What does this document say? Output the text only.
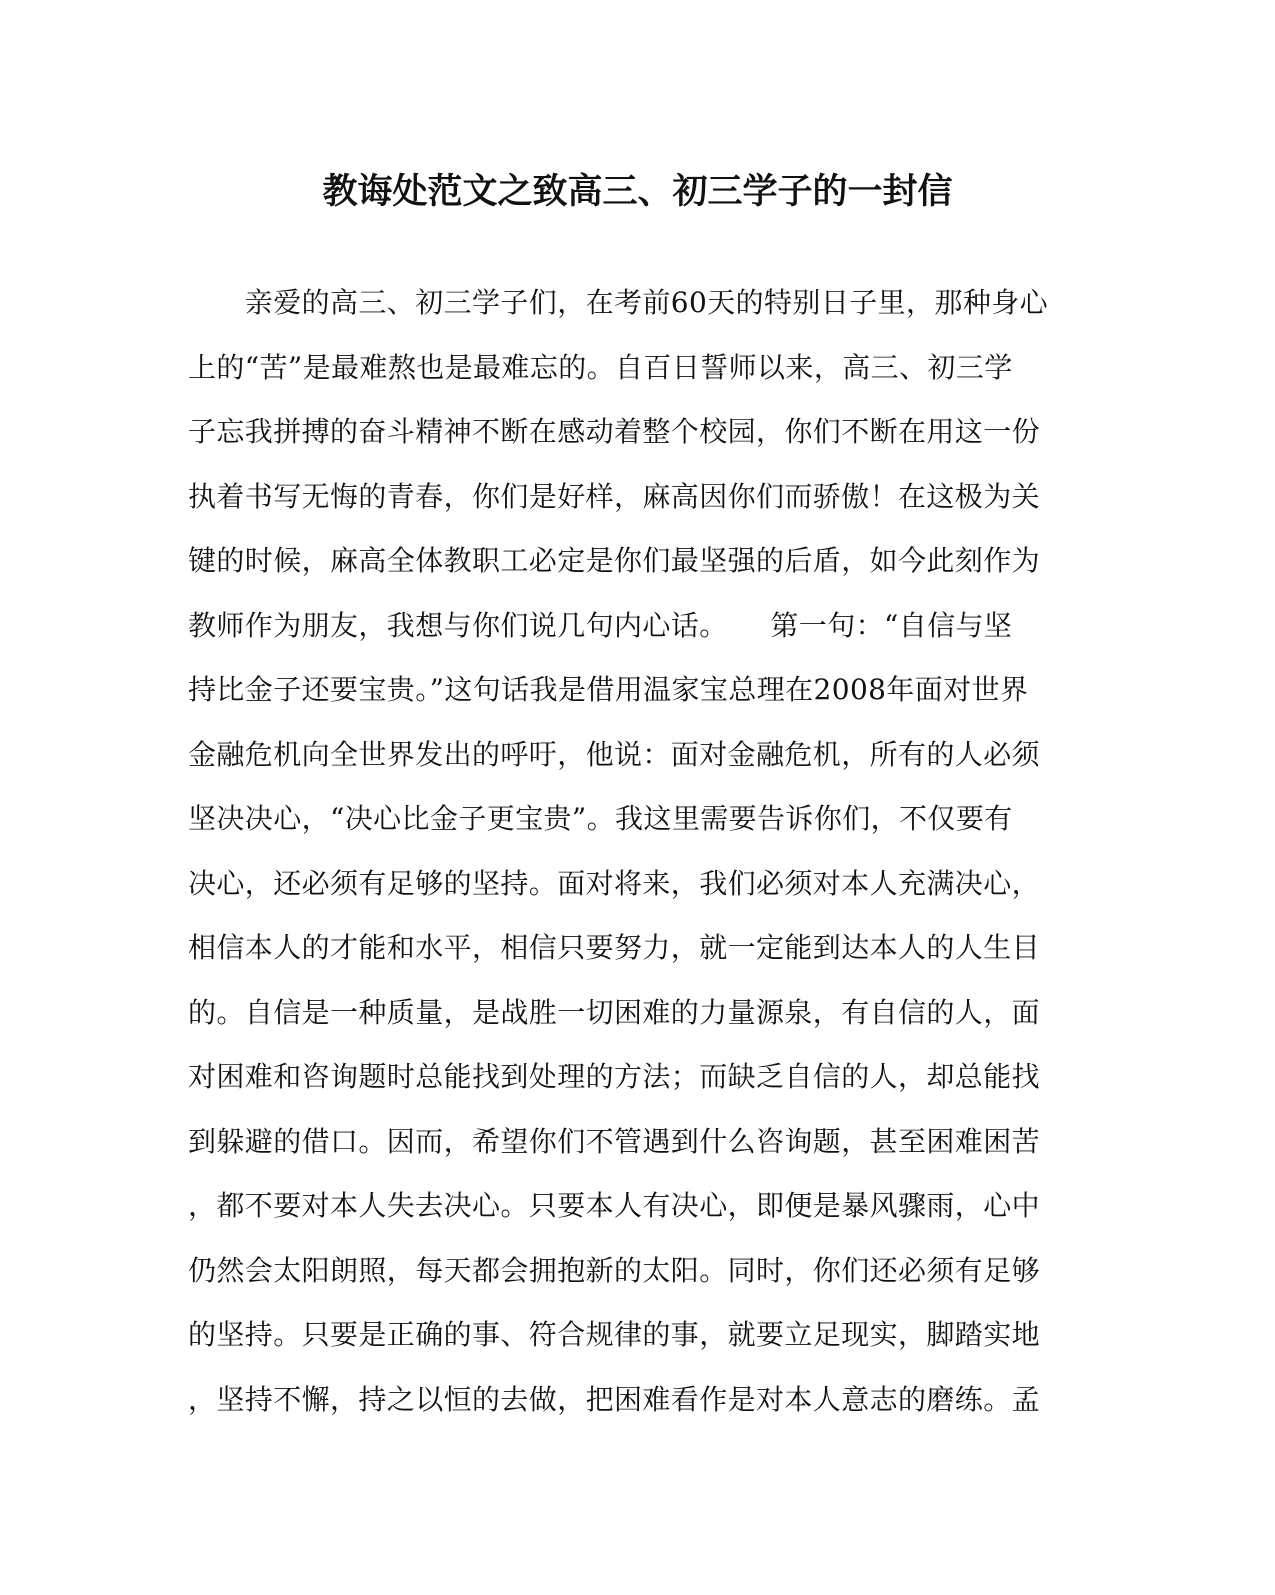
教诲处范文之致高三、初三学子的一封信
　　亲爱的高三、初三学子们，在考前60天的特别日子里，那种身心
上的“苦”是最难熬也是最难忘的。自百日誓师以来，高三、初三学
子忘我拼搏的奋斗精神不断在感动着整个校园，你们不断在用这一份
执着书写无悔的青春，你们是好样，麻高因你们而骄傲！在这极为关
键的时候，麻高全体教职工必定是你们最坚强的后盾，如今此刻作为
教师作为朋友，我想与你们说几句内心话。　　第一句：“自信与坚
持比金子还要宝贵。”这句话我是借用温家宝总理在2008年面对世界
金融危机向全世界发出的呼吁，他说：面对金融危机，所有的人必须
坚决决心，“决心比金子更宝贵”。我这里需要告诉你们，不仅要有
决心，还必须有足够的坚持。面对将来，我们必须对本人充满决心，
相信本人的才能和水平，相信只要努力，就一定能到达本人的人生目
的。自信是一种质量，是战胜一切困难的力量源泉，有自信的人，面
对困难和咨询题时总能找到处理的方法；而缺乏自信的人，却总能找
到躲避的借口。因而，希望你们不管遇到什么咨询题，甚至困难困苦
，都不要对本人失去决心。只要本人有决心，即便是暴风骤雨，心中
仍然会太阳朗照，每天都会拥抱新的太阳。同时，你们还必须有足够
的坚持。只要是正确的事、符合规律的事，就要立足现实，脚踏实地
，坚持不懈，持之以恒的去做，把困难看作是对本人意志的磨练。孟
